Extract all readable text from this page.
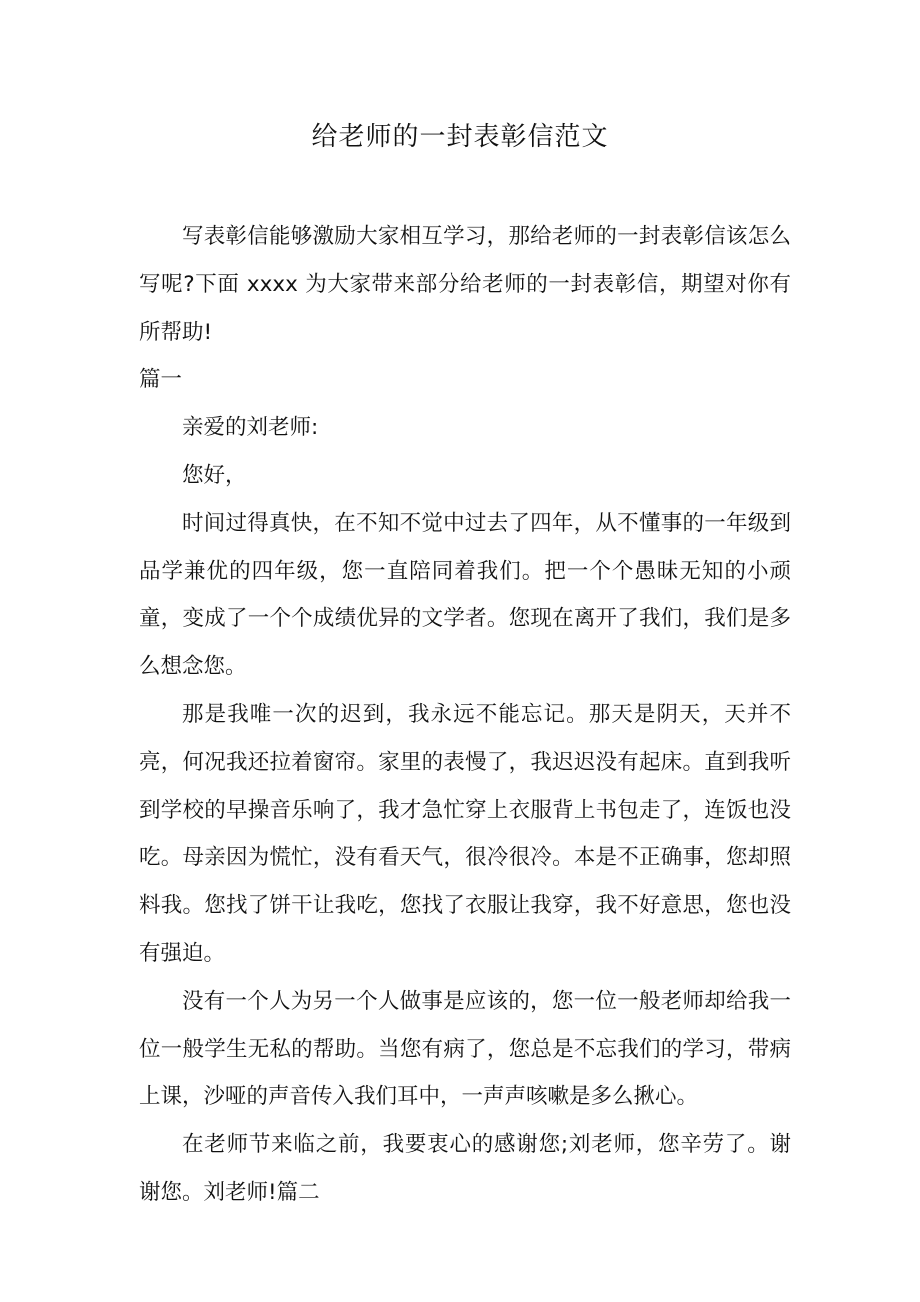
给老师的一封表彰信范文

写表彰信能够激励大家相互学习，那给老师的一封表彰信该怎么写呢?下面 xxxx 为大家带来部分给老师的一封表彰信，期望对你有所帮助!

篇一

亲爱的刘老师:

您好，

时间过得真快，在不知不觉中过去了四年，从不懂事的一年级到品学兼优的四年级，您一直陪同着我们。把一个个愚昧无知的小顽童，变成了一个个成绩优异的文学者。您现在离开了我们，我们是多么想念您。

那是我唯一次的迟到，我永远不能忘记。那天是阴天，天并不亮，何况我还拉着窗帘。家里的表慢了，我迟迟没有起床。直到我听到学校的早操音乐响了，我才急忙穿上衣服背上书包走了，连饭也没吃。母亲因为慌忙，没有看天气，很冷很冷。本是不正确事，您却照料我。您找了饼干让我吃，您找了衣服让我穿，我不好意思，您也没有强迫。

没有一个人为另一个人做事是应该的，您一位一般老师却给我一位一般学生无私的帮助。当您有病了，您总是不忘我们的学习，带病上课，沙哑的声音传入我们耳中，一声声咳嗽是多么揪心。

在老师节来临之前，我要衷心的感谢您;刘老师，您辛劳了。谢谢您。刘老师!篇二
